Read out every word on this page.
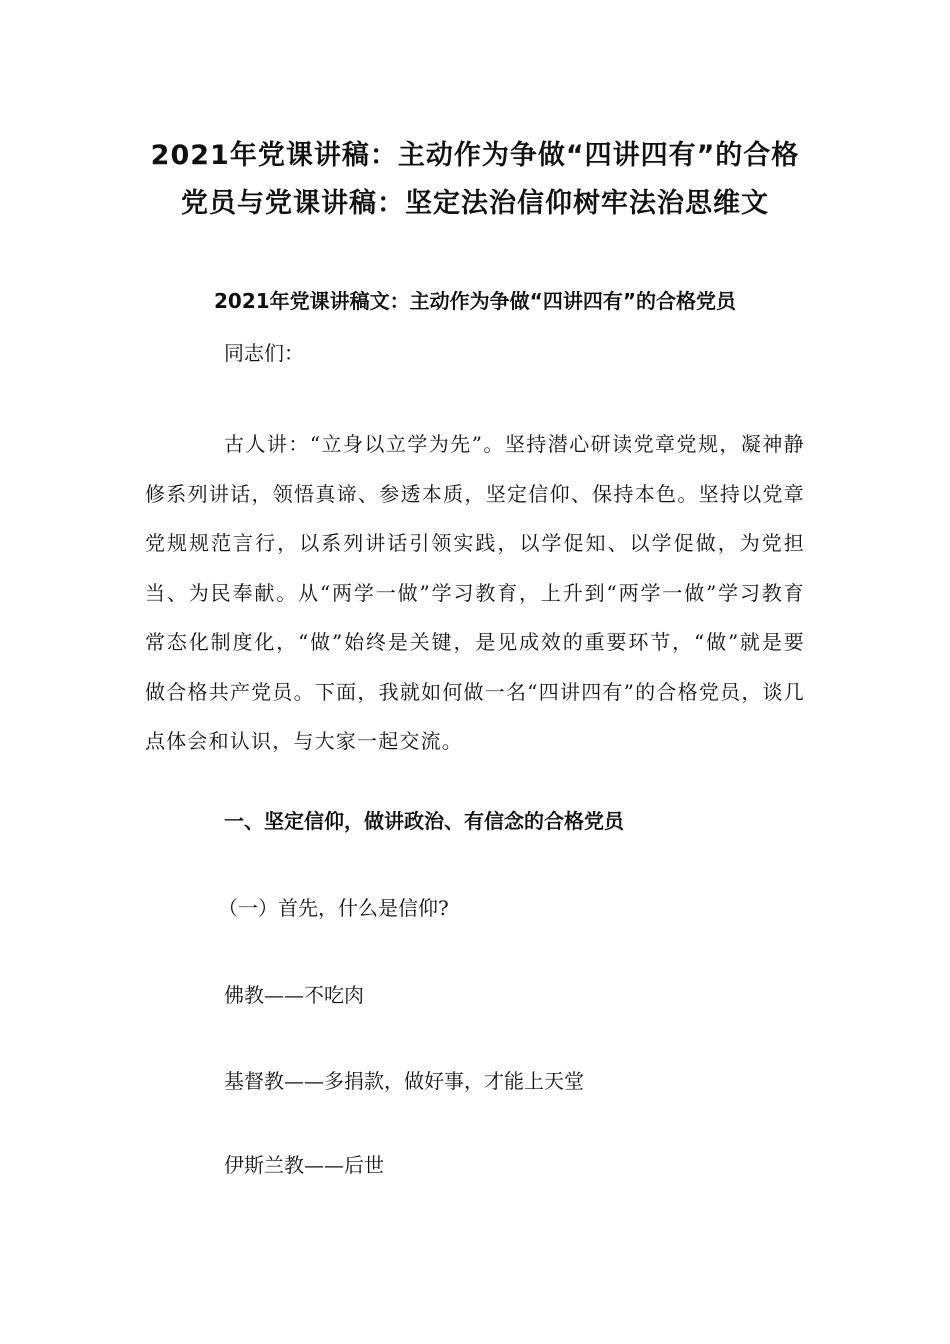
2021年党课讲稿：主动作为争做“四讲四有”的合格党员与党课讲稿：坚定法治信仰树牢法治思维文
2021年党课讲稿文：主动作为争做“四讲四有”的合格党员
同志们：
古人讲：“立身以立学为先”。坚持潜心研读党章党规，凝神静修系列讲话，领悟真谛、参透本质，坚定信仰、保持本色。坚持以党章党规规范言行，以系列讲话引领实践，以学促知、以学促做，为党担当、为民奉献。从“两学一做”学习教育，上升到“两学一做”学习教育常态化制度化，“做”始终是关键，是见成效的重要环节，“做”就是要做合格共产党员。下面，我就如何做一名“四讲四有”的合格党员，谈几点体会和认识，与大家一起交流。
一、坚定信仰，做讲政治、有信念的合格党员
（一）首先，什么是信仰?
佛教——不吃肉
基督教——多捐款，做好事，才能上天堂
伊斯兰教——后世
